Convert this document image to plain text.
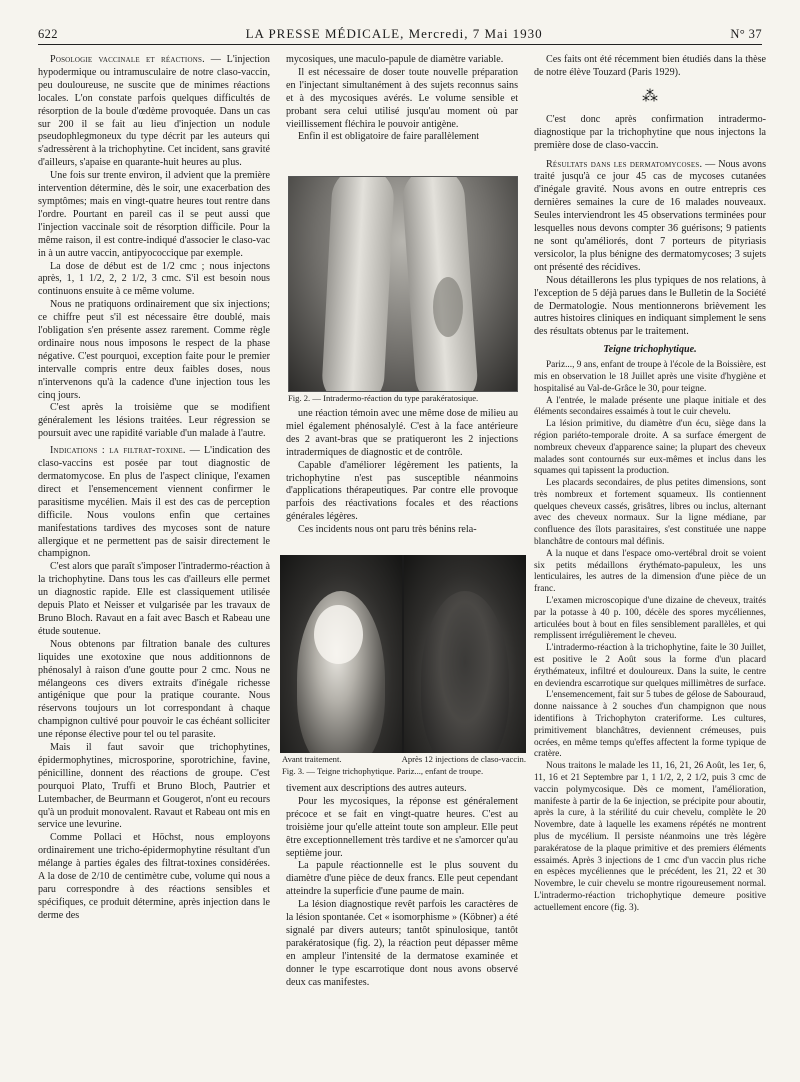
622	LA PRESSE MÉDICALE, Mercredi, 7 Mai 1930	N° 37

Posologie vaccinale et réactions. — L'injection hypodermique ou intramusculaire de notre claso-vaccin, peu douloureuse, ne suscite que de minimes réactions locales. L'on constate parfois quelques difficultés de résorption de la boule d'œdème provoquée. Dans un cas sur 200 il se fait au lieu d'injection un nodule pseudophlegmoneux du type décrit par les auteurs qui s'adressèrent à la trichophytine. Cet incident, sans gravité d'ailleurs, s'apaise en quarante-huit heures au plus.

Une fois sur trente environ, il advient que la première intervention détermine, dès le soir, une exacerbation des symptômes; mais en vingt-quatre heures tout rentre dans l'ordre. Pourtant en pareil cas il se peut aussi que l'injection vaccinale soit de résorption difficile. Pour la même raison, il est contre-indiqué d'associer le claso-vac in à un autre vaccin, antipyococcique par exemple.

La dose de début est de 1/2 cmc ; nous injectons après, 1, 1 1/2, 2, 2 1/2, 3 cmc. S'il est besoin nous continuons ensuite à ce même volume.

Nous ne pratiquons ordinairement que six injections; ce chiffre peut s'il est nécessaire être doublé, mais l'obligation s'en présente assez rarement. Comme règle ordinaire nous nous imposons le respect de la phase négative. C'est pourquoi, exception faite pour le premier intervalle compris entre deux faibles doses, nous n'intervenons qu'à la cadence d'une injection tous les cinq jours.

C'est après la troisième que se modifient généralement les lésions traitées. Leur régression se poursuit avec une rapidité variable d'un malade à l'autre.

Indications : la filtrat-toxine. — L'indication des claso-vaccins est posée par tout diagnostic de dermatomycose. En plus de l'aspect clinique, l'examen direct et l'ensemencement viennent confirmer le parasitisme mycélien. Mais il est des cas de perception difficile. Nous voulons enfin que certaines manifestations tardives des mycoses sont de nature allergique et ne permettent pas de saisir directement le champignon.

C'est alors que paraît s'imposer l'intradermo-réaction à la trichophytine. Dans tous les cas d'ailleurs elle permet un diagnostic rapide. Elle est classiquement utilisée depuis Plato et Neisser et vulgarisée par les travaux de Bruno Bloch. Ravaut en a fait avec Basch et Rabeau une étude soutenue.

Nous obtenons par filtration banale des cultures liquides une exotoxine que nous additionnons de phénosalyl à raison d'une goutte pour 2 cmc. Nous ne mélangeons ces divers extraits d'inégale richesse antigénique que pour la pratique courante. Nous réservons toujours un lot correspondant à chaque champignon cultivé pour pouvoir le cas échéant solliciter une réponse élective pour tel ou tel parasite.

Mais il faut savoir que trichophytines, épidermophytines, microsporine, sporotrichine, favine, pénicilline, donnent des réactions de groupe. C'est pourquoi Plato, Truffi et Bruno Bloch, Pautrier et Lutembacher, de Beurmann et Gougerot, n'ont eu recours qu'à un produit monovalent. Ravaut et Rabeau ont mis en service une levurine.

Comme Pollaci et Höchst, nous employons ordinairement une tricho-épidermophytine résultant d'un mélange à parties égales des filtrat-toxines considérées. A la dose de 2/10 de centimètre cube, volume qui nous a paru correspondre à des réactions sensibles et spécifiques, ce produit détermine, après injection dans le derme des

mycosiques, une maculo-papule de diamètre variable.

Il est nécessaire de doser toute nouvelle préparation en l'injectant simultanément à des sujets reconnus sains et à des mycosiques avérés. Le volume sensible et probant sera celui utilisé jusqu'au moment où par vieillissement fléchira le pouvoir antigène.

Enfin il est obligatoire de faire parallèlement

Fig. 2. — Intradermo-réaction du type parakératosique.

une réaction témoin avec une même dose de milieu au miel également phénosalylé. C'est à la face antérieure des 2 avant-bras que se pratiqueront les 2 injections intradermiques de diagnostic et de contrôle.

Capable d'améliorer légèrement les patients, la trichophytine n'est pas susceptible néanmoins d'applications thérapeutiques. Par contre elle provoque parfois des réactivations focales et des réactions générales légères.

Ces incidents nous ont paru très bénins rela-

Avant traitement.	Après 12 injections de claso-vaccin.
Fig. 3. — Teigne trichophytique. Pariz..., enfant de troupe.

tivement aux descriptions des autres auteurs.

Pour les mycosiques, la réponse est généralement précoce et se fait en vingt-quatre heures. C'est au troisième jour qu'elle atteint toute son ampleur. Elle peut être exceptionnellement très tardive et ne s'amorcer qu'au septième jour.

La papule réactionnelle est le plus souvent du diamètre d'une pièce de deux francs. Elle peut cependant atteindre la superficie d'une paume de main.

La lésion diagnostique revêt parfois les caractères de la lésion spontanée. Cet « isomorphisme » (Köbner) a été signalé par divers auteurs; tantôt spinulosique, tantôt parakératosique (fig. 2), la réaction peut dépasser même en ampleur l'intensité de la dermatose examinée et donner le type escarrotique dont nous avons observé deux cas manifestes.

Ces faits ont été récemment bien étudiés dans la thèse de notre élève Touzard (Paris 1929).

⁂

C'est donc après confirmation intradermo-diagnostique par la trichophytine que nous injectons la première dose de claso-vaccin.

Résultats dans les dermatomycoses. — Nous avons traité jusqu'à ce jour 45 cas de mycoses cutanées d'inégale gravité. Nous avons en outre entrepris ces dernières semaines la cure de 16 malades nouveaux. Seules interviendront les 45 observations terminées pour lesquelles nous devons compter 36 guérisons; 9 patients ne sont qu'améliorés, dont 7 porteurs de pityriasis versicolor, la plus bénigne des dermatomycoses; 3 sujets ont présenté des récidives.

Nous détaillerons les plus typiques de nos relations, à l'exception de 5 déjà parues dans le Bulletin de la Société de Dermatologie. Nous mentionnerons brièvement les autres histoires cliniques en indiquant simplement le sens des résultats obtenus par le traitement.

Teigne trichophytique.

Pariz..., 9 ans, enfant de troupe à l'école de la Boissière, est mis en observation le 18 Juillet après une visite d'hygiène et hospitalisé au Val-de-Grâce le 30, pour teigne.

A l'entrée, le malade présente une plaque initiale et des éléments secondaires essaimés à tout le cuir chevelu.

La lésion primitive, du diamètre d'un écu, siège dans la région pariéto-temporale droite. A sa surface émergent de nombreux cheveux d'apparence saine; la plupart des cheveux malades sont contournés sur eux-mêmes et inclus dans les squames qui tapissent la production.

Les placards secondaires, de plus petites dimensions, sont très nombreux et fortement squameux. Ils contiennent quelques cheveux cassés, grisâtres, libres ou inclus, alternant avec des cheveux normaux. Sur la ligne médiane, par confluence des îlots parasitaires, s'est constituée une nappe blanchâtre de contours mal définis.

A la nuque et dans l'espace omo-vertébral droit se voient six petits médaillons érythémato-papuleux, les uns lenticulaires, les autres de la dimension d'une pièce de un franc.

L'examen microscopique d'une dizaine de cheveux, traités par la potasse à 40 p. 100, décèle des spores mycéliennes, articulées bout à bout en files sensiblement parallèles, et qui remplissent irrégulièrement le cheveu.

L'intradermo-réaction à la trichophytine, faite le 30 Juillet, est positive le 2 Août sous la forme d'un placard érythémateux, infiltré et douloureux. Dans la suite, le centre en deviendra escarrotique sur quelques millimètres de surface.

L'ensemencement, fait sur 5 tubes de gélose de Sabouraud, donne naissance à 2 souches d'un champignon que nous identifions à Trichophyton crateriforme. Les cultures, primitivement blanchâtres, deviennent crémeuses, puis ocrées, en même temps qu'effes affectent la forme typique de cratère.

Nous traitons le malade les 11, 16, 21, 26 Août, les 1er, 6, 11, 16 et 21 Septembre par 1, 1 1/2, 2, 2 1/2, puis 3 cmc de vaccin polymycosique. Dès ce moment, l'amélioration, manifeste à partir de la 6e injection, se précipite pour aboutir, après la cure, à la stérilité du cuir chevelu, complète le 20 Novembre, date à laquelle les examens répétés ne montrent plus de mycélium. Il persiste néanmoins une très légère parakératose de la plaque primitive et des premiers éléments essaimés. Après 3 injections de 1 cmc d'un vaccin plus riche en espèces mycéliennes que le précédent, les 21, 22 et 30 Novembre, le cuir chevelu se montre rigoureusement normal. L'intradermo-réaction trichophytique demeure positive actuellement encore (fig. 3).
